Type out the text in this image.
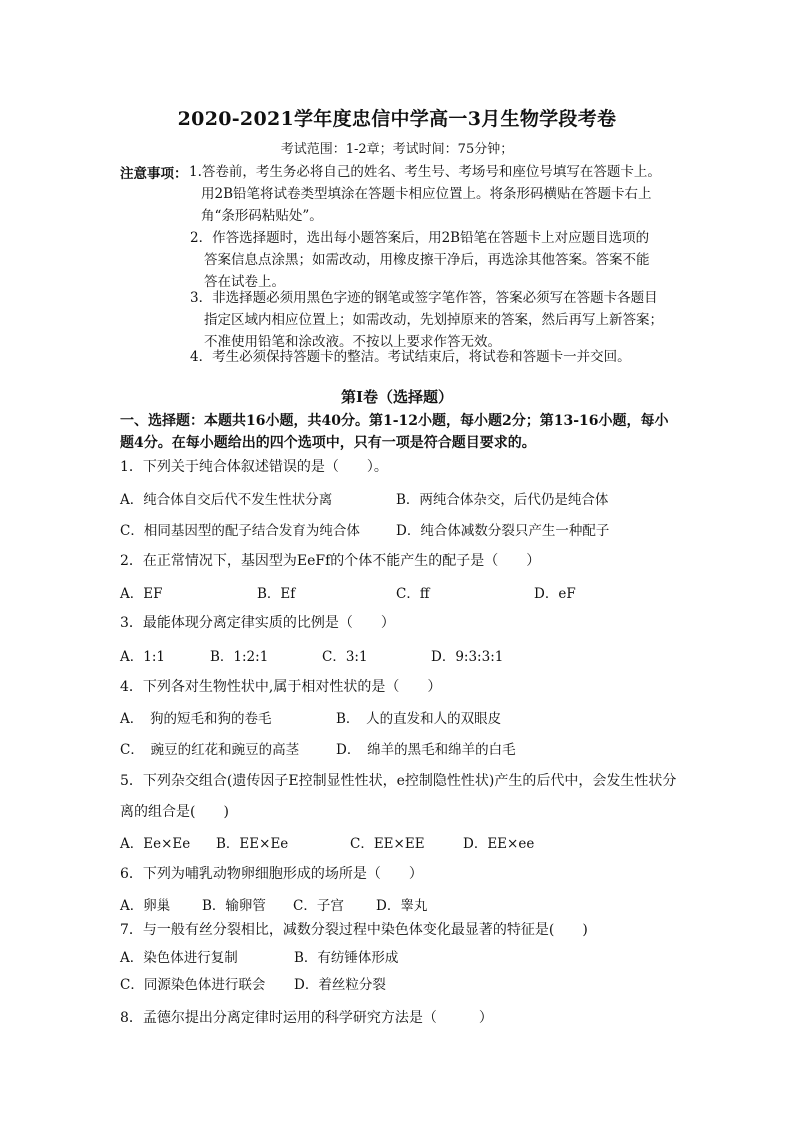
2020-2021学年度忠信中学高一3月生物学段考卷
考试范围：1-2章；考试时间：75分钟；
注意事项： 1.答卷前，考生务必将自己的姓名、考生号、考场号和座位号填写在答题卡上。

用2B铅笔将试卷类型填涂在答题卡相应位置上。将条形码横贴在答题卡右上

角“条形码粘贴处”。

2．作答选择题时，选出每小题答案后，用2B铅笔在答题卡上对应题目选项的

答案信息点涂黑；如需改动，用橡皮擦干净后，再选涂其他答案。答案不能

答在试卷上。

3．非选择题必须用黑色字迹的钢笔或签字笔作答，答案必须写在答题卡各题目

指定区域内相应位置上；如需改动，先划掉原来的答案，然后再写上新答案；

不准使用铅笔和涂改液。不按以上要求作答无效。

4．考生必须保持答题卡的整洁。考试结束后，将试卷和答题卡一并交回。

第I卷（选择题）
一、选择题：本题共16小题，共40分。第1-12小题，每小题2分；第13-16小题，每小题4分。在每小题给出的四个选项中，只有一项是符合题目要求的。
1．下列关于纯合体叙述错误的是（　　）。
A．纯合体自交后代不发生性状分离	B．两纯合体杂交，后代仍是纯合体
C．相同基因型的配子结合发育为纯合体	D．纯合体减数分裂只产生一种配子
2．在正常情况下，基因型为EeFf的个体不能产生的配子是（　　）
A．EF	B．Ef	C．ff	D．eF
3．最能体现分离定律实质的比例是（　　）
A．1:1	B．1:2:1	C．3:1	D．9:3:3:1
4．下列各对生物性状中,属于相对性状的是（　　）
A．　狗的短毛和狗的卷毛	B．　人的直发和人的双眼皮
C．　豌豆的红花和豌豆的高茎	D．　绵羊的黑毛和绵羊的白毛
5．下列杂交组合(遗传因子E控制显性性状，e控制隐性性状)产生的后代中，会发生性状分
离的组合是(　　)
A．Ee×Ee B．EE×Ee	C．EE×EE	D．EE×ee
6．下列为哺乳动物卵细胞形成的场所是（　　）
A．卵巢 B．输卵管 C．子宫 D．睾丸
7．与一般有丝分裂相比，减数分裂过程中染色体变化最显著的特征是(　　)
A．染色体进行复制	B．有纺锤体形成
C．同源染色体进行联会 D．着丝粒分裂
8．孟德尔提出分离定律时运用的科学研究方法是（　　　）
